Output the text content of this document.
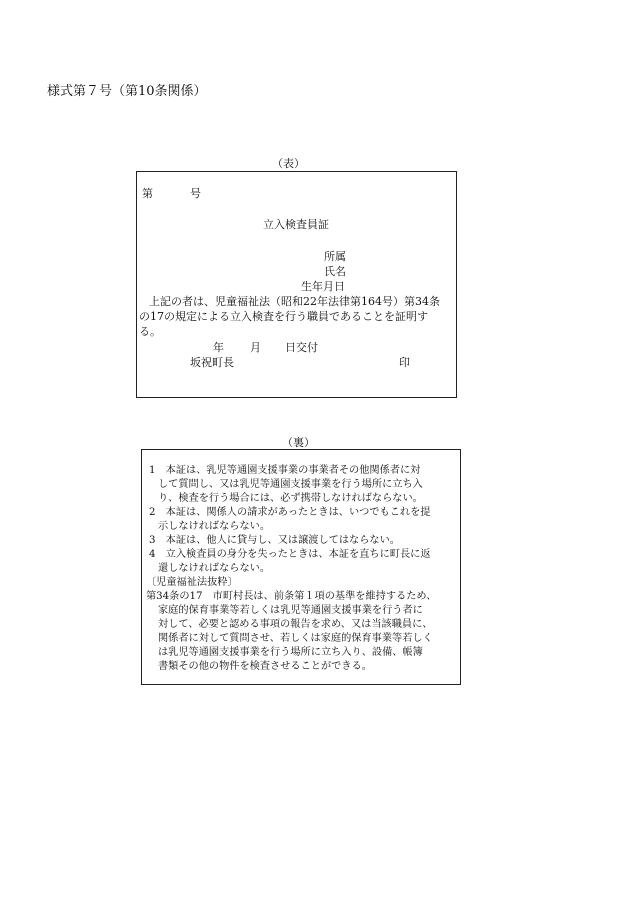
様式第７号（第10条関係）
（表）
第	号
立入検査員証
所属
氏名
生年月日
上記の者は、児童福祉法（昭和22年法律第164号）第34条
の17の規定による立入検査を行う職員であることを証明す
る。
年 月 日交付
坂祝町長	印
（裏）
1　本証は、乳児等通園支援事業の事業者その他関係者に対
して質問し、又は乳児等通園支援事業を行う場所に立ち入
り、検査を行う場合には、必ず携帯しなければならない。
2　本証は、関係人の請求があったときは、いつでもこれを提
示しなければならない。
3　本証は、他人に貸与し、又は譲渡してはならない。
4　立入検査員の身分を失ったときは、本証を直ちに町長に返
還しなければならない。
〔児童福祉法抜粋〕
第34条の17　市町村長は、前条第１項の基準を維持するため、
家庭的保育事業等若しくは乳児等通園支援事業を行う者に
対して、必要と認める事項の報告を求め、又は当該職員に、
関係者に対して質問させ、若しくは家庭的保育事業等若しく
は乳児等通園支援事業を行う場所に立ち入り、設備、帳簿
書類その他の物件を検査させることができる。
